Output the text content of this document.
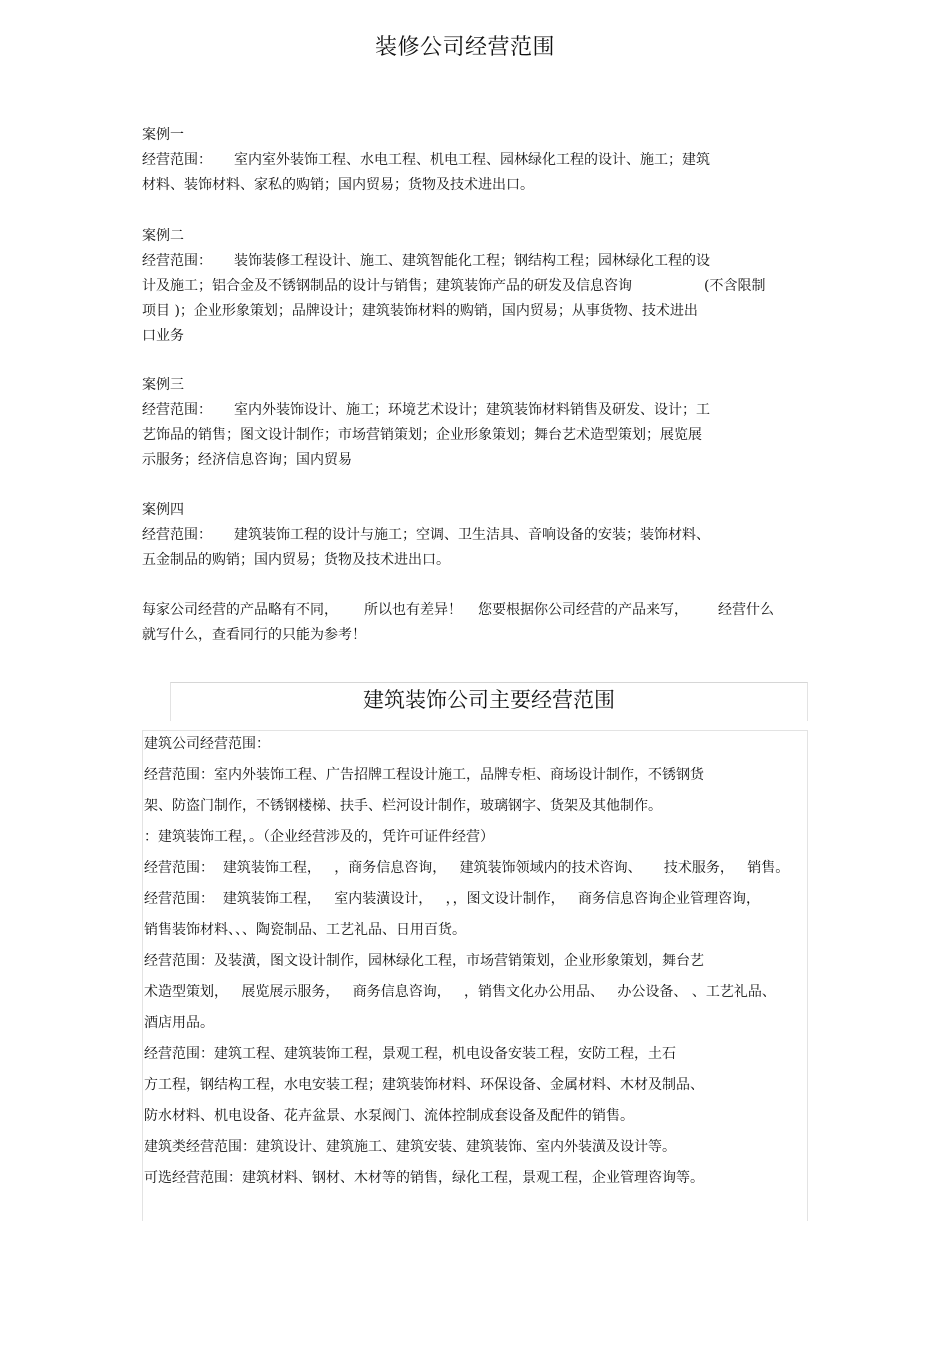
装修公司经营范围
案例一
经营范围： 室内室外装饰工程、水电工程、机电工程、园林绿化工程的设计、施工；建筑
材料、装饰材料、家私的购销；国内贸易；货物及技术进出口。
案例二
经营范围： 装饰装修工程设计、施工、建筑智能化工程；钢结构工程；园林绿化工程的设
计及施工；铝合金及不锈钢制品的设计与销售；建筑装饰产品的研发及信息咨询	(不含限制
项目 )；企业形象策划；品牌设计；建筑装饰材料的购销，国内贸易；从事货物、技术进出
口业务
案例三
经营范围： 室内外装饰设计、施工；环境艺术设计；建筑装饰材料销售及研发、设计；工
艺饰品的销售；图文设计制作；市场营销策划；企业形象策划；舞台艺术造型策划；展览展
示服务；经济信息咨询；国内贸易
案例四
经营范围： 建筑装饰工程的设计与施工；空调、卫生洁具、音响设备的安装；装饰材料、
五金制品的购销；国内贸易；货物及技术进出口。
每家公司经营的产品略有不同， 所以也有差异！ 您要根据你公司经营的产品来写， 经营什么
就写什么，查看同行的只能为参考！
建筑装饰公司主要经营范围
建筑公司经营范围：
经营范围：室内外装饰工程、广告招牌工程设计施工，品牌专柜、商场设计制作，不锈钢货
架、防盗门制作，不锈钢楼梯、扶手、栏河设计制作，玻璃钢字、货架及其他制作。
：建筑装饰工程，。（企业经营涉及的，凭许可证件经营）
经营范围：  建筑装饰工程，   ，商务信息咨询，   建筑装饰领域内的技术咨询、     技术服务，   销售。
经营范围：  建筑装饰工程，   室内装潢设计，   ，，图文设计制作，   商务信息咨询企业管理咨询，
销售装饰材料、、、陶瓷制品、工艺礼品、日用百货。
经营范围：及装潢，图文设计制作，园林绿化工程，市场营销策划，企业形象策划，舞台艺
术造型策划，   展览展示服务，   商务信息咨询，   ，销售文化办公用品、   办公设备、 、工艺礼品、
酒店用品。
经营范围：建筑工程、建筑装饰工程，景观工程，机电设备安装工程，安防工程，土石
方工程，钢结构工程，水电安装工程；建筑装饰材料、环保设备、金属材料、木材及制品、
防水材料、机电设备、花卉盆景、水泵阀门、流体控制成套设备及配件的销售。
建筑类经营范围：建筑设计、建筑施工、建筑安装、建筑装饰、室内外装潢及设计等。
可选经营范围：建筑材料、钢材、木材等的销售，绿化工程，景观工程，企业管理咨询等。
